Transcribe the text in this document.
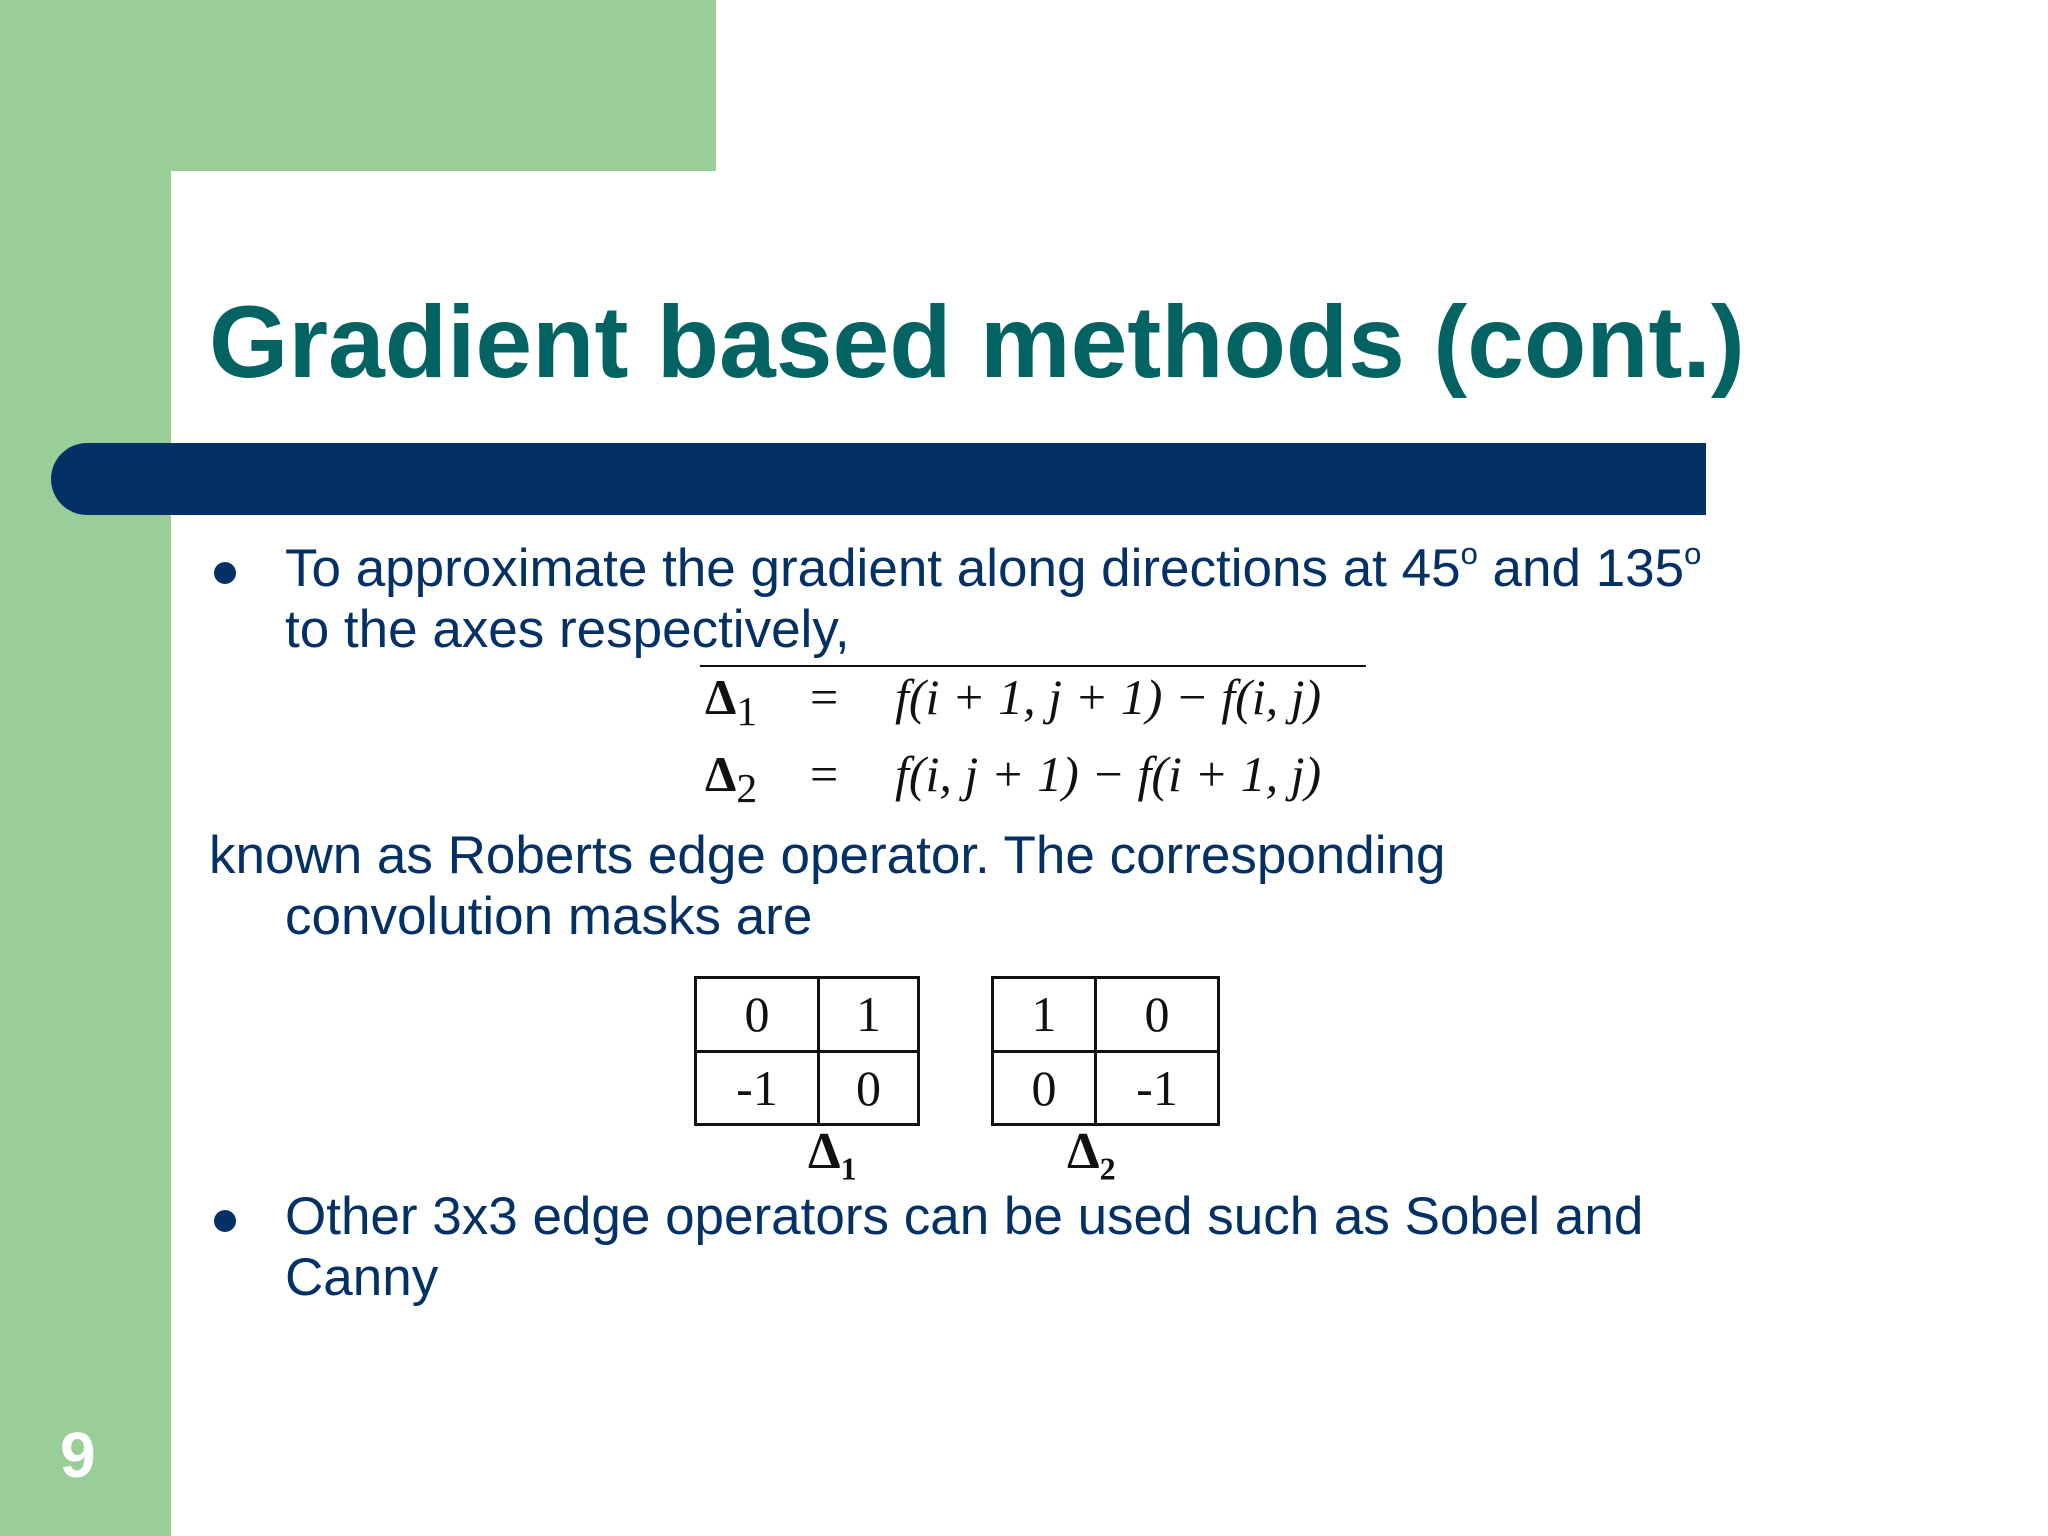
Gradient based methods (cont.)
To approximate the gradient along directions at 45$^o$ and 135$^o$
to the axes respectively,
$\Delta_1 = f(i + 1$, j + 1) − f(i, j)
$\Delta_2 = f(i$, j + 1) − f(i + 1, j)
known as Roberts edge operator. The corresponding
convolution masks are
0	1
-1	0
$\Delta_1$
1	0
0	-1
$\Delta_2$
Other 3x3 edge operators can be used such as Sobel and
Canny
9
